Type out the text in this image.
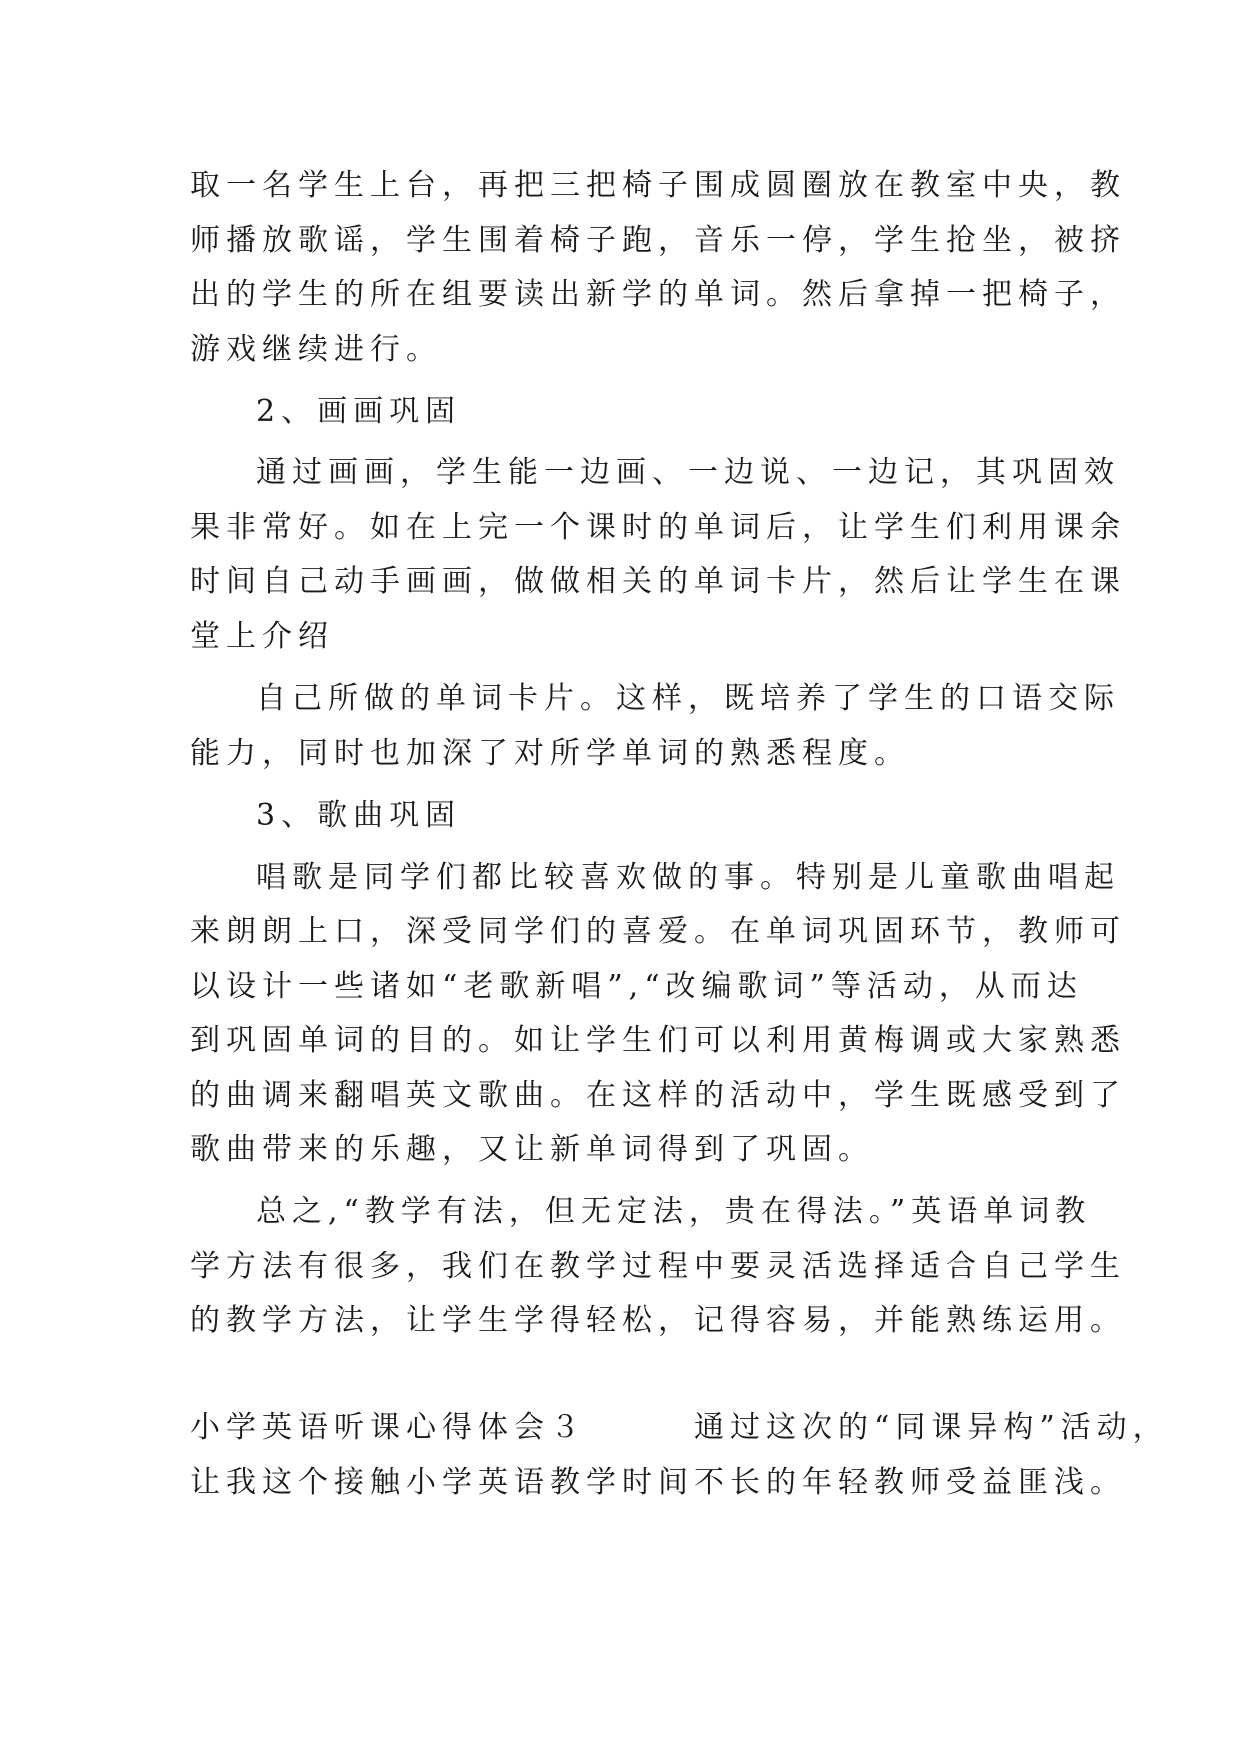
取一名学生上台，再把三把椅子围成圆圈放在教室中央，教
师播放歌谣，学生围着椅子跑，音乐一停，学生抢坐，被挤
出的学生的所在组要读出新学的单词。然后拿掉一把椅子，
游戏继续进行。
2、画画巩固
通过画画，学生能一边画、一边说、一边记，其巩固效
果非常好。如在上完一个课时的单词后，让学生们利用课余
时间自己动手画画，做做相关的单词卡片，然后让学生在课
堂上介绍
自己所做的单词卡片。这样，既培养了学生的口语交际
能力，同时也加深了对所学单词的熟悉程度。
3、歌曲巩固
唱歌是同学们都比较喜欢做的事。特别是儿童歌曲唱起
来朗朗上口，深受同学们的喜爱。在单词巩固环节，教师可
以设计一些诸如“老歌新唱”,“改编歌词”等活动，从而达
到巩固单词的目的。如让学生们可以利用黄梅调或大家熟悉
的曲调来翻唱英文歌曲。在这样的活动中，学生既感受到了
歌曲带来的乐趣，又让新单词得到了巩固。
总之,“教学有法，但无定法，贵在得法。”英语单词教
学方法有很多，我们在教学过程中要灵活选择适合自己学生
的教学方法，让学生学得轻松，记得容易，并能熟练运用。
小学英语听课心得体会３　　　通过这次的“同课异构”活动，
让我这个接触小学英语教学时间不长的年轻教师受益匪浅。
